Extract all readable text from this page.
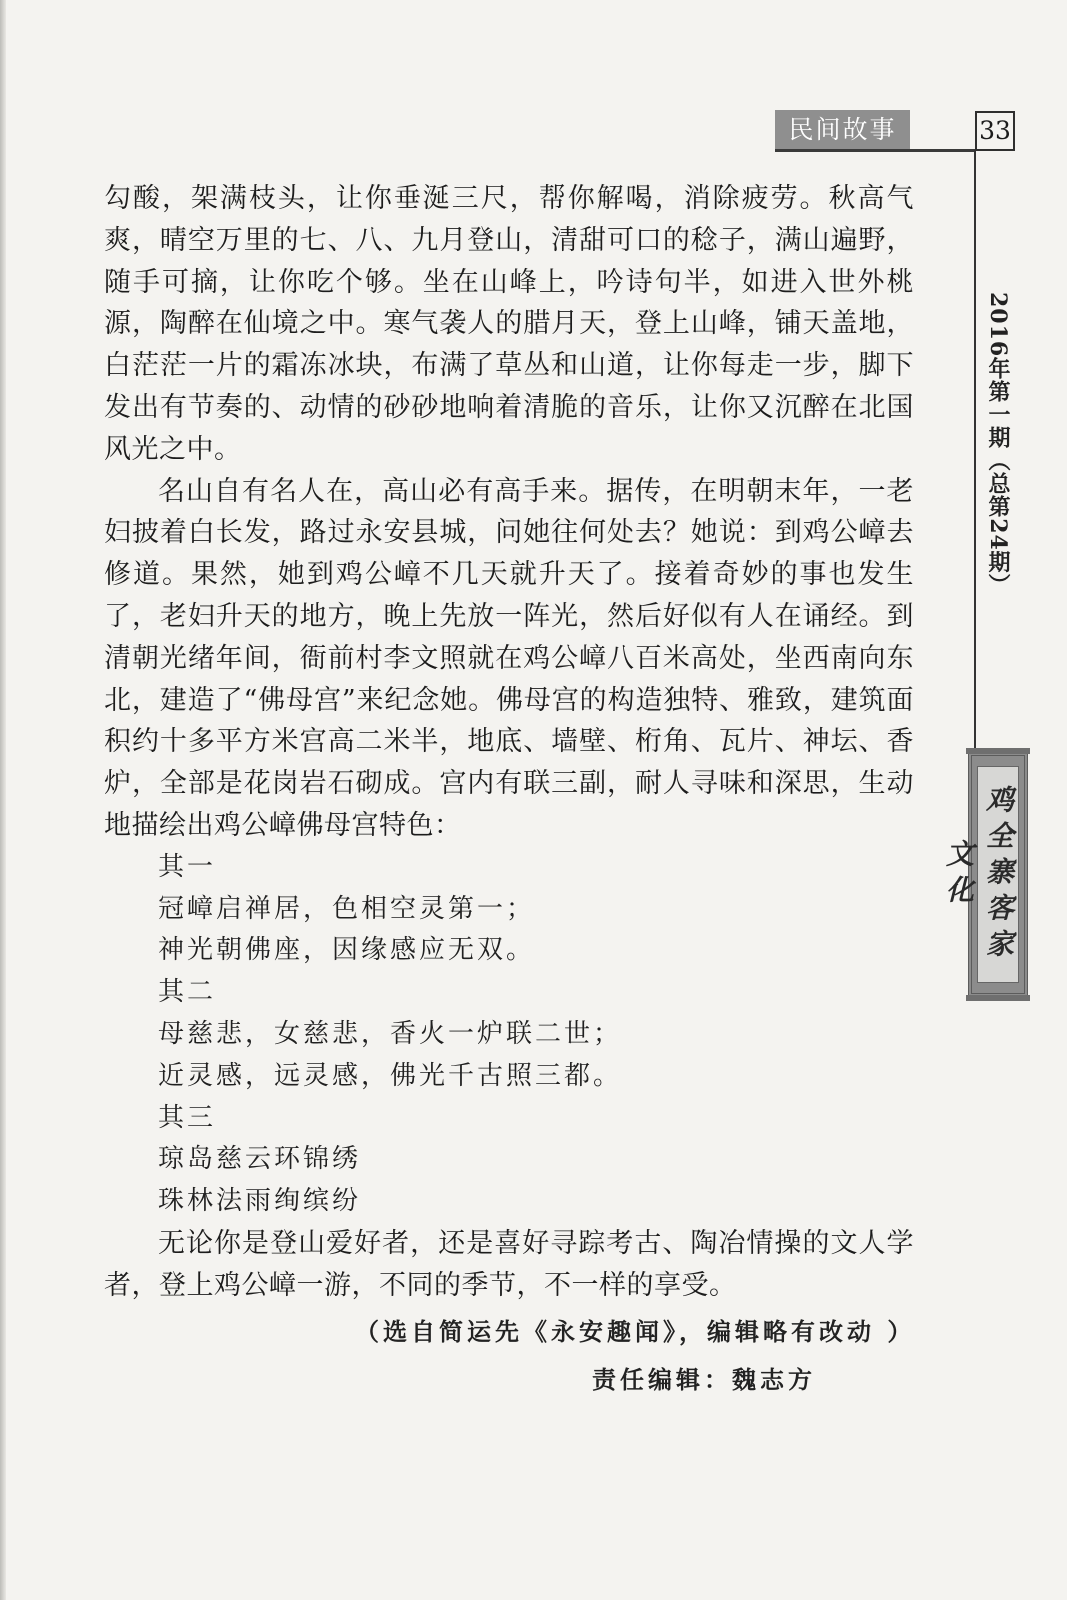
民间故事	33
2016年第一期（总第24期）
鸡全寨客家文化

勾酸，架满枝头，让你垂涎三尺，帮你解喝，消除疲劳。秋高气爽，晴空万里的七、八、九月登山，清甜可口的稔子，满山遍野，随手可摘，让你吃个够。坐在山峰上，吟诗句半，如进入世外桃源，陶醉在仙境之中。寒气袭人的腊月天，登上山峰，铺天盖地，白茫茫一片的霜冻冰块，布满了草丛和山道，让你每走一步，脚下发出有节奏的、动情的砂砂地响着清脆的音乐，让你又沉醉在北国风光之中。

名山自有名人在，高山必有高手来。据传，在明朝末年，一老妇披着白长发，路过永安县城，问她往何处去？她说：到鸡公嶂去修道。果然，她到鸡公嶂不几天就升天了。接着奇妙的事也发生了，老妇升天的地方，晚上先放一阵光，然后好似有人在诵经。到清朝光绪年间，衙前村李文照就在鸡公嶂八百米高处，坐西南向东北，建造了“佛母宫”来纪念她。佛母宫的构造独特、雅致，建筑面积约十多平方米宫高二米半，地底、墙壁、桁角、瓦片、神坛、香炉，全部是花岗岩石砌成。宫内有联三副，耐人寻味和深思，生动地描绘出鸡公嶂佛母宫特色：

其一
冠嶂启禅居，色相空灵第一；
神光朝佛座，因缘感应无双。
其二
母慈悲，女慈悲，香火一炉联二世；
近灵感，远灵感，佛光千古照三都。
其三
琼岛慈云环锦绣
珠林法雨绚缤纷

无论你是登山爱好者，还是喜好寻踪考古、陶冶情操的文人学者，登上鸡公嶂一游，不同的季节，不一样的享受。

（选自简运先《永安趣闻》，编辑略有改动 ）
责任编辑：魏志方
